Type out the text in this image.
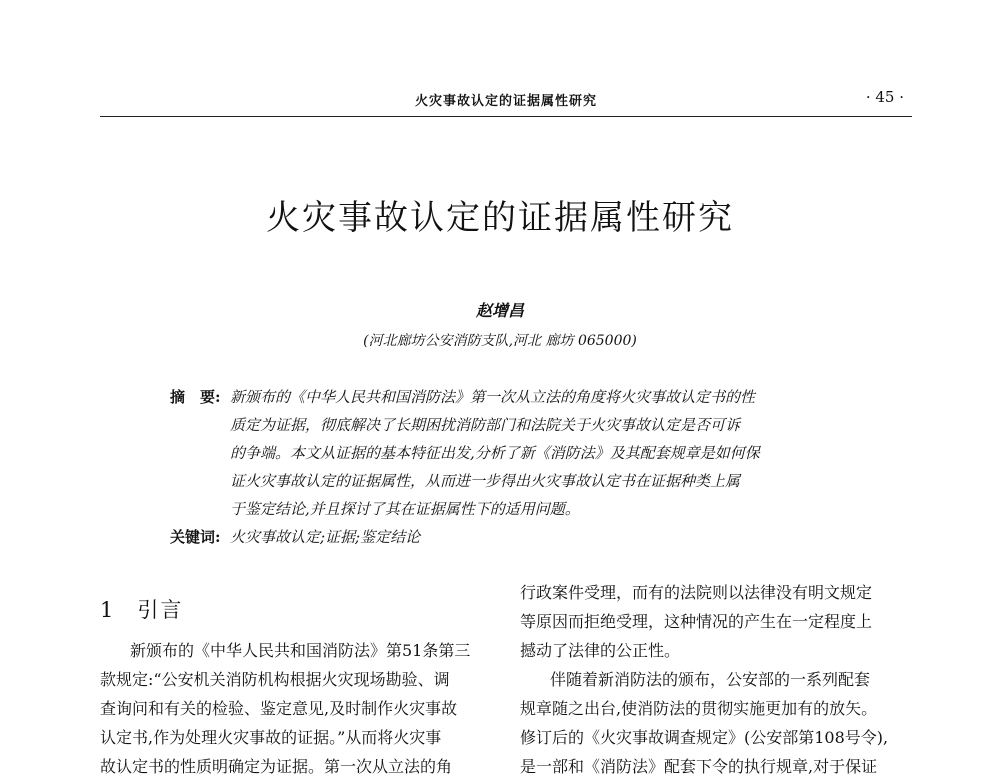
火灾事故认定的证据属性研究	· 45 ·
火灾事故认定的证据属性研究
赵增昌
(河北廊坊公安消防支队,河北 廊坊 065000)
摘　要: 新颁布的《中华人民共和国消防法》第一次从立法的角度将火灾事故认定书的性
质定为证据，彻底解决了长期困扰消防部门和法院关于火灾事故认定是否可诉
的争端。本文从证据的基本特征出发,分析了新《消防法》及其配套规章是如何保
证火灾事故认定的证据属性，从而进一步得出火灾事故认定书在证据种类上属
于鉴定结论,并且探讨了其在证据属性下的适用问题。
关键词: 火灾事故认定;证据;鉴定结论
1 引言
新颁布的《中华人民共和国消防法》第51条第三
款规定:“公安机关消防机构根据火灾现场勘验、调
查询问和有关的检验、鉴定意见,及时制作火灾事故
认定书,作为处理火灾事故的证据。”从而将火灾事
故认定书的性质明确定为证据。第一次从立法的角
行政案件受理，而有的法院则以法律没有明文规定
等原因而拒绝受理，这种情况的产生在一定程度上
撼动了法律的公正性。
伴随着新消防法的颁布，公安部的一系列配套
规章随之出台,使消防法的贯彻实施更加有的放矢。
修订后的《火灾事故调查规定》(公安部第108号令),
是一部和《消防法》配套下令的执行规章,对于保证
